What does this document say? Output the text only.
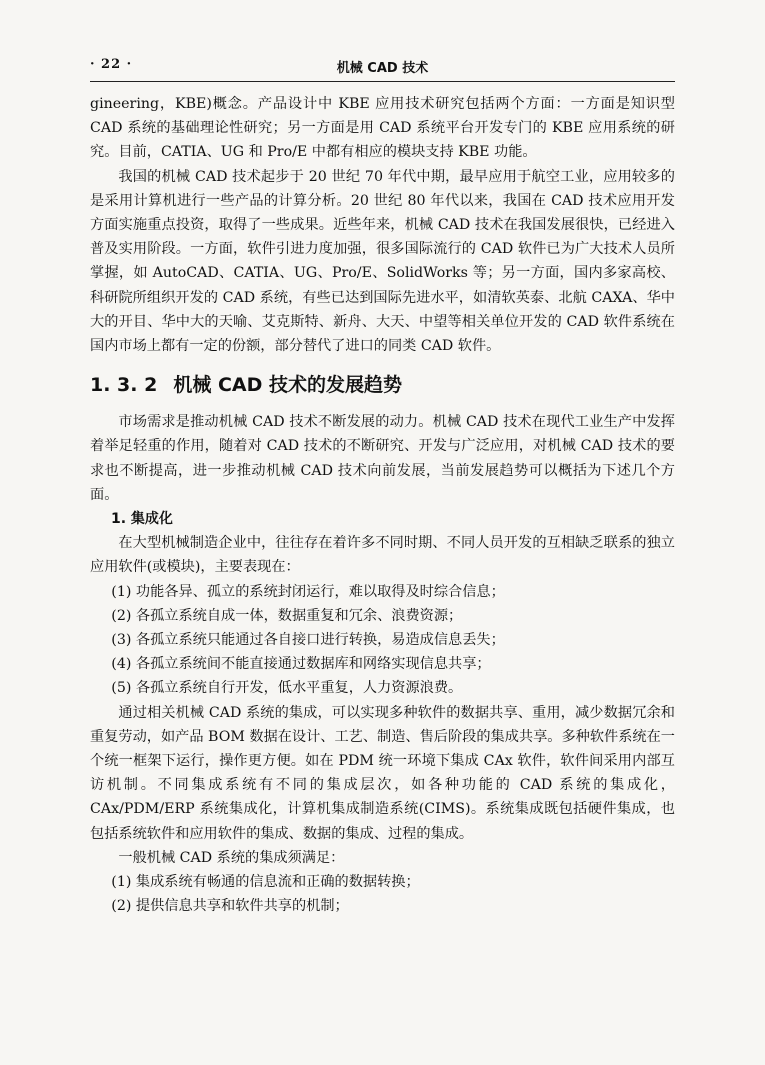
· 22 ·	机械 CAD 技术

gineering，KBE)概念。产品设计中 KBE 应用技术研究包括两个方面：一方面是知识型 CAD 系统的基础理论性研究；另一方面是用 CAD 系统平台开发专门的 KBE 应用系统的研究。目前，CATIA、UG 和 Pro/E 中都有相应的模块支持 KBE 功能。

我国的机械 CAD 技术起步于 20 世纪 70 年代中期，最早应用于航空工业，应用较多的是采用计算机进行一些产品的计算分析。20 世纪 80 年代以来，我国在 CAD 技术应用开发方面实施重点投资，取得了一些成果。近些年来，机械 CAD 技术在我国发展很快，已经进入普及实用阶段。一方面，软件引进力度加强，很多国际流行的 CAD 软件已为广大技术人员所掌握，如 AutoCAD、CATIA、UG、Pro/E、SolidWorks 等；另一方面，国内多家高校、科研院所组织开发的 CAD 系统，有些已达到国际先进水平，如清软英泰、北航 CAXA、华中大的开目、华中大的天喻、艾克斯特、新舟、大天、中望等相关单位开发的 CAD 软件系统在国内市场上都有一定的份额，部分替代了进口的同类 CAD 软件。

1. 3. 2 机械 CAD 技术的发展趋势

市场需求是推动机械 CAD 技术不断发展的动力。机械 CAD 技术在现代工业生产中发挥着举足轻重的作用，随着对 CAD 技术的不断研究、开发与广泛应用，对机械 CAD 技术的要求也不断提高，进一步推动机械 CAD 技术向前发展，当前发展趋势可以概括为下述几个方面。

1. 集成化

在大型机械制造企业中，往往存在着许多不同时期、不同人员开发的互相缺乏联系的独立应用软件(或模块)，主要表现在：

(1) 功能各异、孤立的系统封闭运行，难以取得及时综合信息；

(2) 各孤立系统自成一体，数据重复和冗余、浪费资源；

(3) 各孤立系统只能通过各自接口进行转换，易造成信息丢失；

(4) 各孤立系统间不能直接通过数据库和网络实现信息共享；

(5) 各孤立系统自行开发，低水平重复，人力资源浪费。

通过相关机械 CAD 系统的集成，可以实现多种软件的数据共享、重用，减少数据冗余和重复劳动，如产品 BOM 数据在设计、工艺、制造、售后阶段的集成共享。多种软件系统在一个统一框架下运行，操作更方便。如在 PDM 统一环境下集成 CAx 软件，软件间采用内部互访机制。不同集成系统有不同的集成层次，如各种功能的 CAD 系统的集成化，CAx/PDM/ERP 系统集成化，计算机集成制造系统(CIMS)。系统集成既包括硬件集成，也包括系统软件和应用软件的集成、数据的集成、过程的集成。

一般机械 CAD 系统的集成须满足：

(1) 集成系统有畅通的信息流和正确的数据转换；

(2) 提供信息共享和软件共享的机制；
